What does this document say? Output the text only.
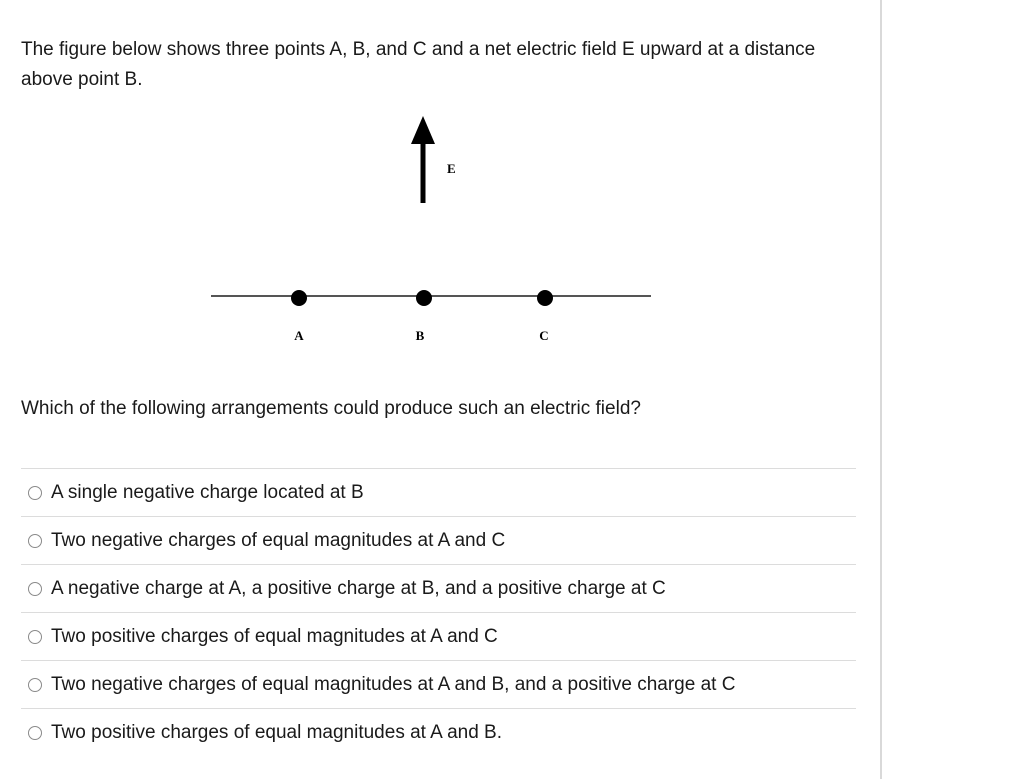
The figure below shows three points A, B, and C and a net electric field E upward at a distance above point B.

E
A	B	C

Which of the following arrangements could produce such an electric field?

A single negative charge located at B
Two negative charges of equal magnitudes at A and C
A negative charge at A, a positive charge at B, and a positive charge at C
Two positive charges of equal magnitudes at A and C
Two negative charges of equal magnitudes at A and B, and a positive charge at C
Two positive charges of equal magnitudes at A and B.
